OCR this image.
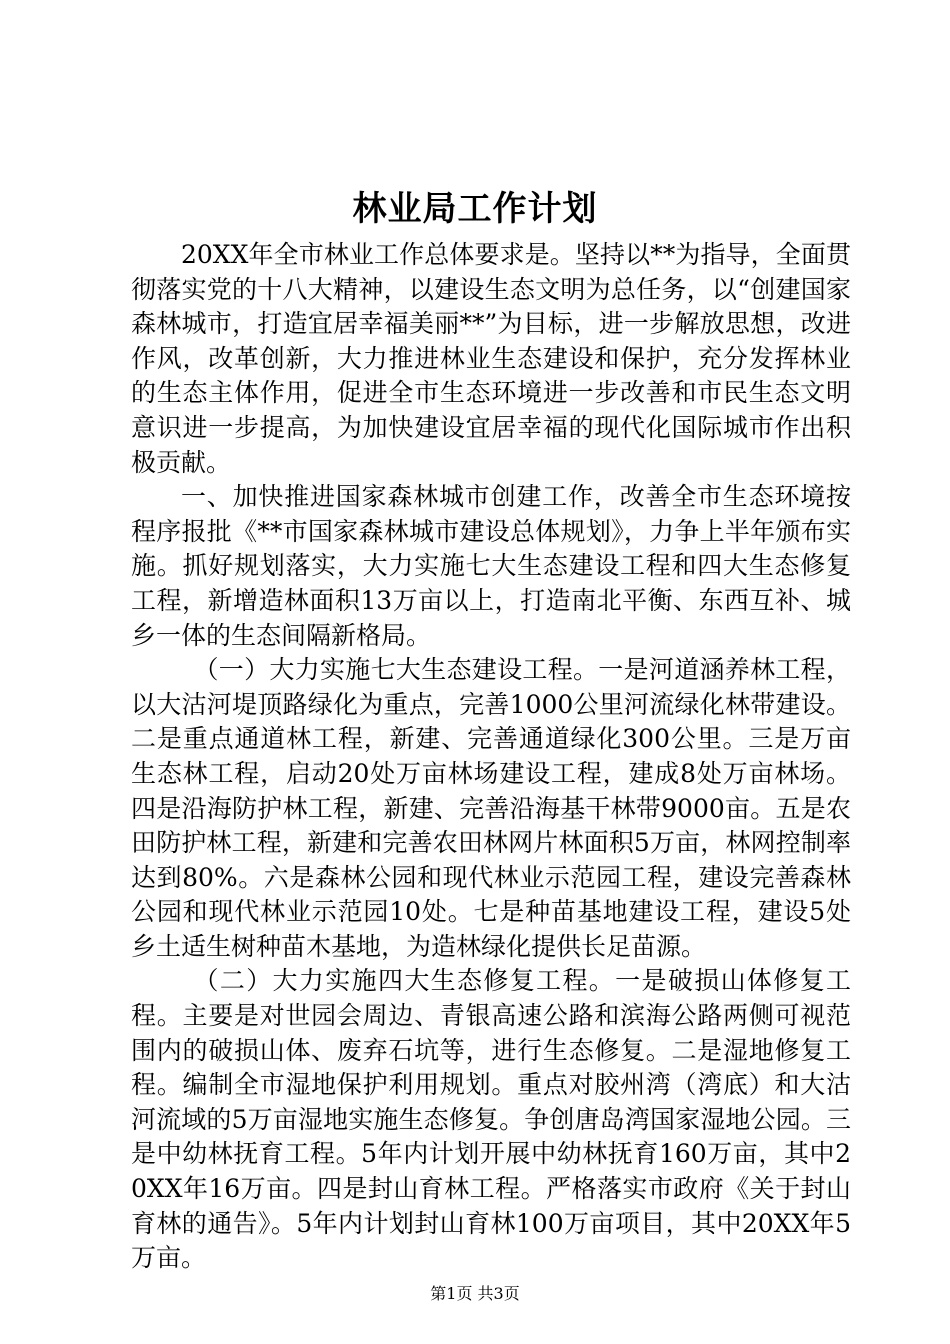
林业局工作计划

20XX年全市林业工作总体要求是。坚持以**为指导，全面贯彻落实党的十八大精神，以建设生态文明为总任务，以“创建国家森林城市，打造宜居幸福美丽**”为目标，进一步解放思想，改进作风，改革创新，大力推进林业生态建设和保护，充分发挥林业的生态主体作用，促进全市生态环境进一步改善和市民生态文明意识进一步提高，为加快建设宜居幸福的现代化国际城市作出积极贡献。

一、加快推进国家森林城市创建工作，改善全市生态环境按程序报批《**市国家森林城市建设总体规划》，力争上半年颁布实施。抓好规划落实，大力实施七大生态建设工程和四大生态修复工程，新增造林面积13万亩以上，打造南北平衡、东西互补、城乡一体的生态间隔新格局。

（一）大力实施七大生态建设工程。一是河道涵养林工程，以大沽河堤顶路绿化为重点，完善1000公里河流绿化林带建设。二是重点通道林工程，新建、完善通道绿化300公里。三是万亩生态林工程，启动20处万亩林场建设工程，建成8处万亩林场。四是沿海防护林工程，新建、完善沿海基干林带9000亩。五是农田防护林工程，新建和完善农田林网片林面积5万亩，林网控制率达到80%。六是森林公园和现代林业示范园工程，建设完善森林公园和现代林业示范园10处。七是种苗基地建设工程，建设5处乡土适生树种苗木基地，为造林绿化提供长足苗源。

（二）大力实施四大生态修复工程。一是破损山体修复工程。主要是对世园会周边、青银高速公路和滨海公路两侧可视范围内的破损山体、废弃石坑等，进行生态修复。二是湿地修复工程。编制全市湿地保护利用规划。重点对胶州湾（湾底）和大沽河流域的5万亩湿地实施生态修复。争创唐岛湾国家湿地公园。三是中幼林抚育工程。5年内计划开展中幼林抚育160万亩，其中20XX年16万亩。四是封山育林工程。严格落实市政府《关于封山育林的通告》。5年内计划封山育林100万亩项目，其中20XX年5万亩。

第1页 共3页
